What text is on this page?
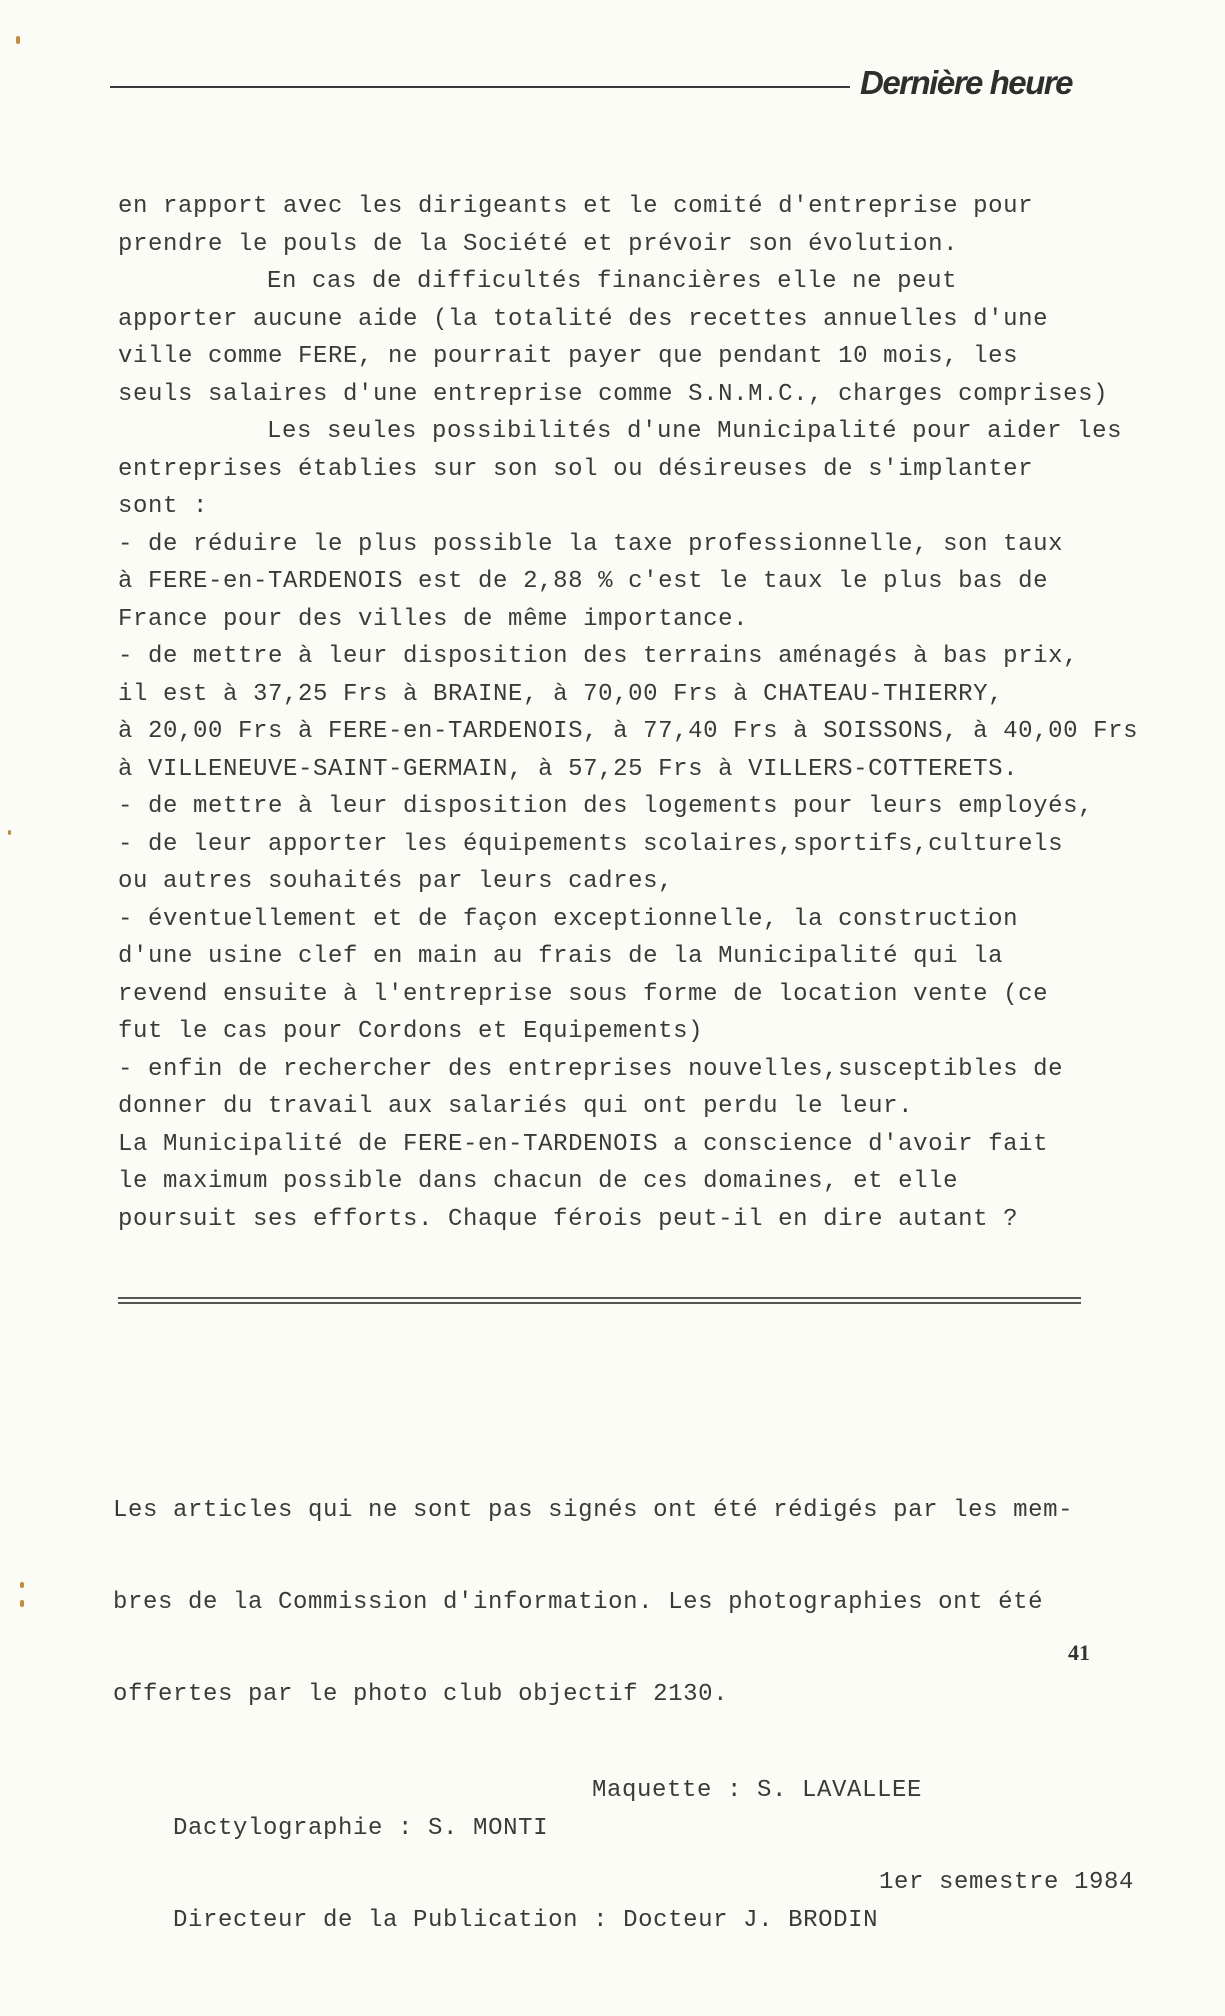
Dernière heure
en rapport avec les dirigeants et le comité d'entreprise pour
prendre le pouls de la Société et prévoir son évolution.
En cas de difficultés financières elle ne peut
apporter aucune aide (la totalité des recettes annuelles d'une
ville comme FERE, ne pourrait payer que pendant 10 mois, les
seuls salaires d'une entreprise comme S.N.M.C., charges comprises)
Les seules possibilités d'une Municipalité pour aider les
entreprises établies sur son sol ou désireuses de s'implanter
sont :
- de réduire le plus possible la taxe professionnelle, son taux
à FERE-en-TARDENOIS est de 2,88 % c'est le taux le plus bas de
France pour des villes de même importance.
- de mettre à leur disposition des terrains aménagés à bas prix,
il est à 37,25 Frs à BRAINE, à 70,00 Frs à CHATEAU-THIERRY,
à 20,00 Frs à FERE-en-TARDENOIS, à 77,40 Frs à SOISSONS, à 40,00 Frs
à VILLENEUVE-SAINT-GERMAIN, à 57,25 Frs à VILLERS-COTTERETS.
- de mettre à leur disposition des logements pour leurs employés,
- de leur apporter les équipements scolaires,sportifs,culturels
ou autres souhaités par leurs cadres,
- éventuellement et de façon exceptionnelle, la construction
d'une usine clef en main au frais de la Municipalité qui la
revend ensuite à l'entreprise sous forme de location vente (ce
fut le cas pour Cordons et Equipements)
- enfin de rechercher des entreprises nouvelles,susceptibles de
donner du travail aux salariés qui ont perdu le leur.
La Municipalité de FERE-en-TARDENOIS a conscience d'avoir fait
le maximum possible dans chacun de ces domaines, et elle
poursuit ses efforts. Chaque férois peut-il en dire autant ?

Les articles qui ne sont pas signés ont été rédigés par les mem-

bres de la Commission d'information. Les photographies ont été

offertes par le photo club objectif 2130.

Dactylographie : S. MONTI

Maquette : S. LAVALLEE

Directeur de la Publication : Docteur J. BRODIN

1er semestre 1984

41
